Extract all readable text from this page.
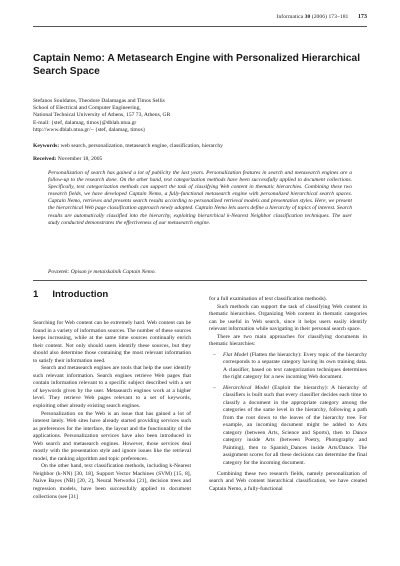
Informatica 30 (2006) 173–181 173
Captain Nemo: A Metasearch Engine with Personalized Hierarchical Search Space
Stefanos Souldatos, Theodore Dalamagas and Timos Sellis
School of Electrical and Computer Engineering,
National Technical University of Athens, 157 73, Athens, GR
E-mail: {stef, dalamag, timos}@dblab.ntua.gr
http://www.dblab.ntua.gr/~ {stef, dalamag, timos}
Keywords: web search, personalization, metasearch engine, classification, hierarchy
Received: November 18, 2005

Personalization of search has gained a lot of publicity the last years. Personalization features in search and metasearch engines are a follow-up to the research done. On the other hand, text categorization methods have been successfully applied to document collections. Specifically, text categorization methods can support the task of classifying Web content in thematic hierarchies. Combining these two research fields, we have developed Captain Nemo, a fully-functional metasearch engine with personalized hierarchical search spaces. Captain Nemo, retrieves and presents search results according to personalized retrieval models and presentation styles. Here, we present the hierarchical Web page classification approach newly adopted. Captain Nemo lets users define a hierarchy of topics of interest. Search results are automatically classified into the hierarchy, exploiting hierarchical k-Nearest Neighbor classification techniques. The user study conducted demonstrates the effectiveness of our metasearch engine.

Povzetek: Opisan je metaiskalnik Captain Nemo.
1 Introduction

Searching for Web content can be extremely hard. Web content can be found in a variety of information sources. The number of these sources keeps increasing, while at the same time sources continually enrich their content. Not only should users identify these sources, but they should also determine those containing the most relevant information to satisfy their information need.

Search and metasearch engines are tools that help the user identify such relevant information. Search engines retrieve Web pages that contain information relevant to a specific subject described with a set of keywords given by the user. Metasearch engines work at a higher level. They retrieve Web pages relevant to a set of keywords, exploiting other already existing search engines.

Personalization on the Web is an issue that has gained a lot of interest lately. Web sites have already started providing services such as preferences for the interface, the layout and the functionality of the applications. Personalization services have also been introduced in Web search and metasearch engines. However, those services deal mostly with the presentation style and ignore issues like the retrieval model, the ranking algorithm and topic preferences.

On the other hand, text classification methods, including k-Nearest Neighbor (k-NN) [30, 18], Support Vector Machines (SVM) [15, 8], Naive Bayes (NB) [20, 2], Neural Networks [21], decision trees and regression models, have been successfully applied to document collections (see [31]

for a full examination of text classification methods).

Such methods can support the task of classifying Web content in thematic hierarchies. Organizing Web content in thematic categories can be useful in Web search, since it helps users easily identify relevant information while navigating in their personal search space.

There are two main approaches for classifying documents in thematic hierarchies:

– Flat Model (Flatten the hierarchy): Every topic of the hierarchy corresponds to a separate category having its own training data. A classifier, based on text categorization techniques determines the right category for a new incoming Web document.
– Hierarchical Model (Exploit the hierarchy): A hierarchy of classifiers is built such that every classifier decides each time to classify a document in the appropriate category among the categories of the same level in the hierarchy, following a path from the root down to the leaves of the hierarchy tree. For example, an incoming document might be added to Arts category (between Arts, Science and Sports), then to Dance category inside Arts (between Poetry, Photography and Painting), then to Spanish_Dances inside Arts/Dance. The assignment scores for all these decisions can determine the final category for the incoming document.

Combining these two research fields, namely personalization of search and Web content hierarchical classification, we have created Captain Nemo, a fully-functional
